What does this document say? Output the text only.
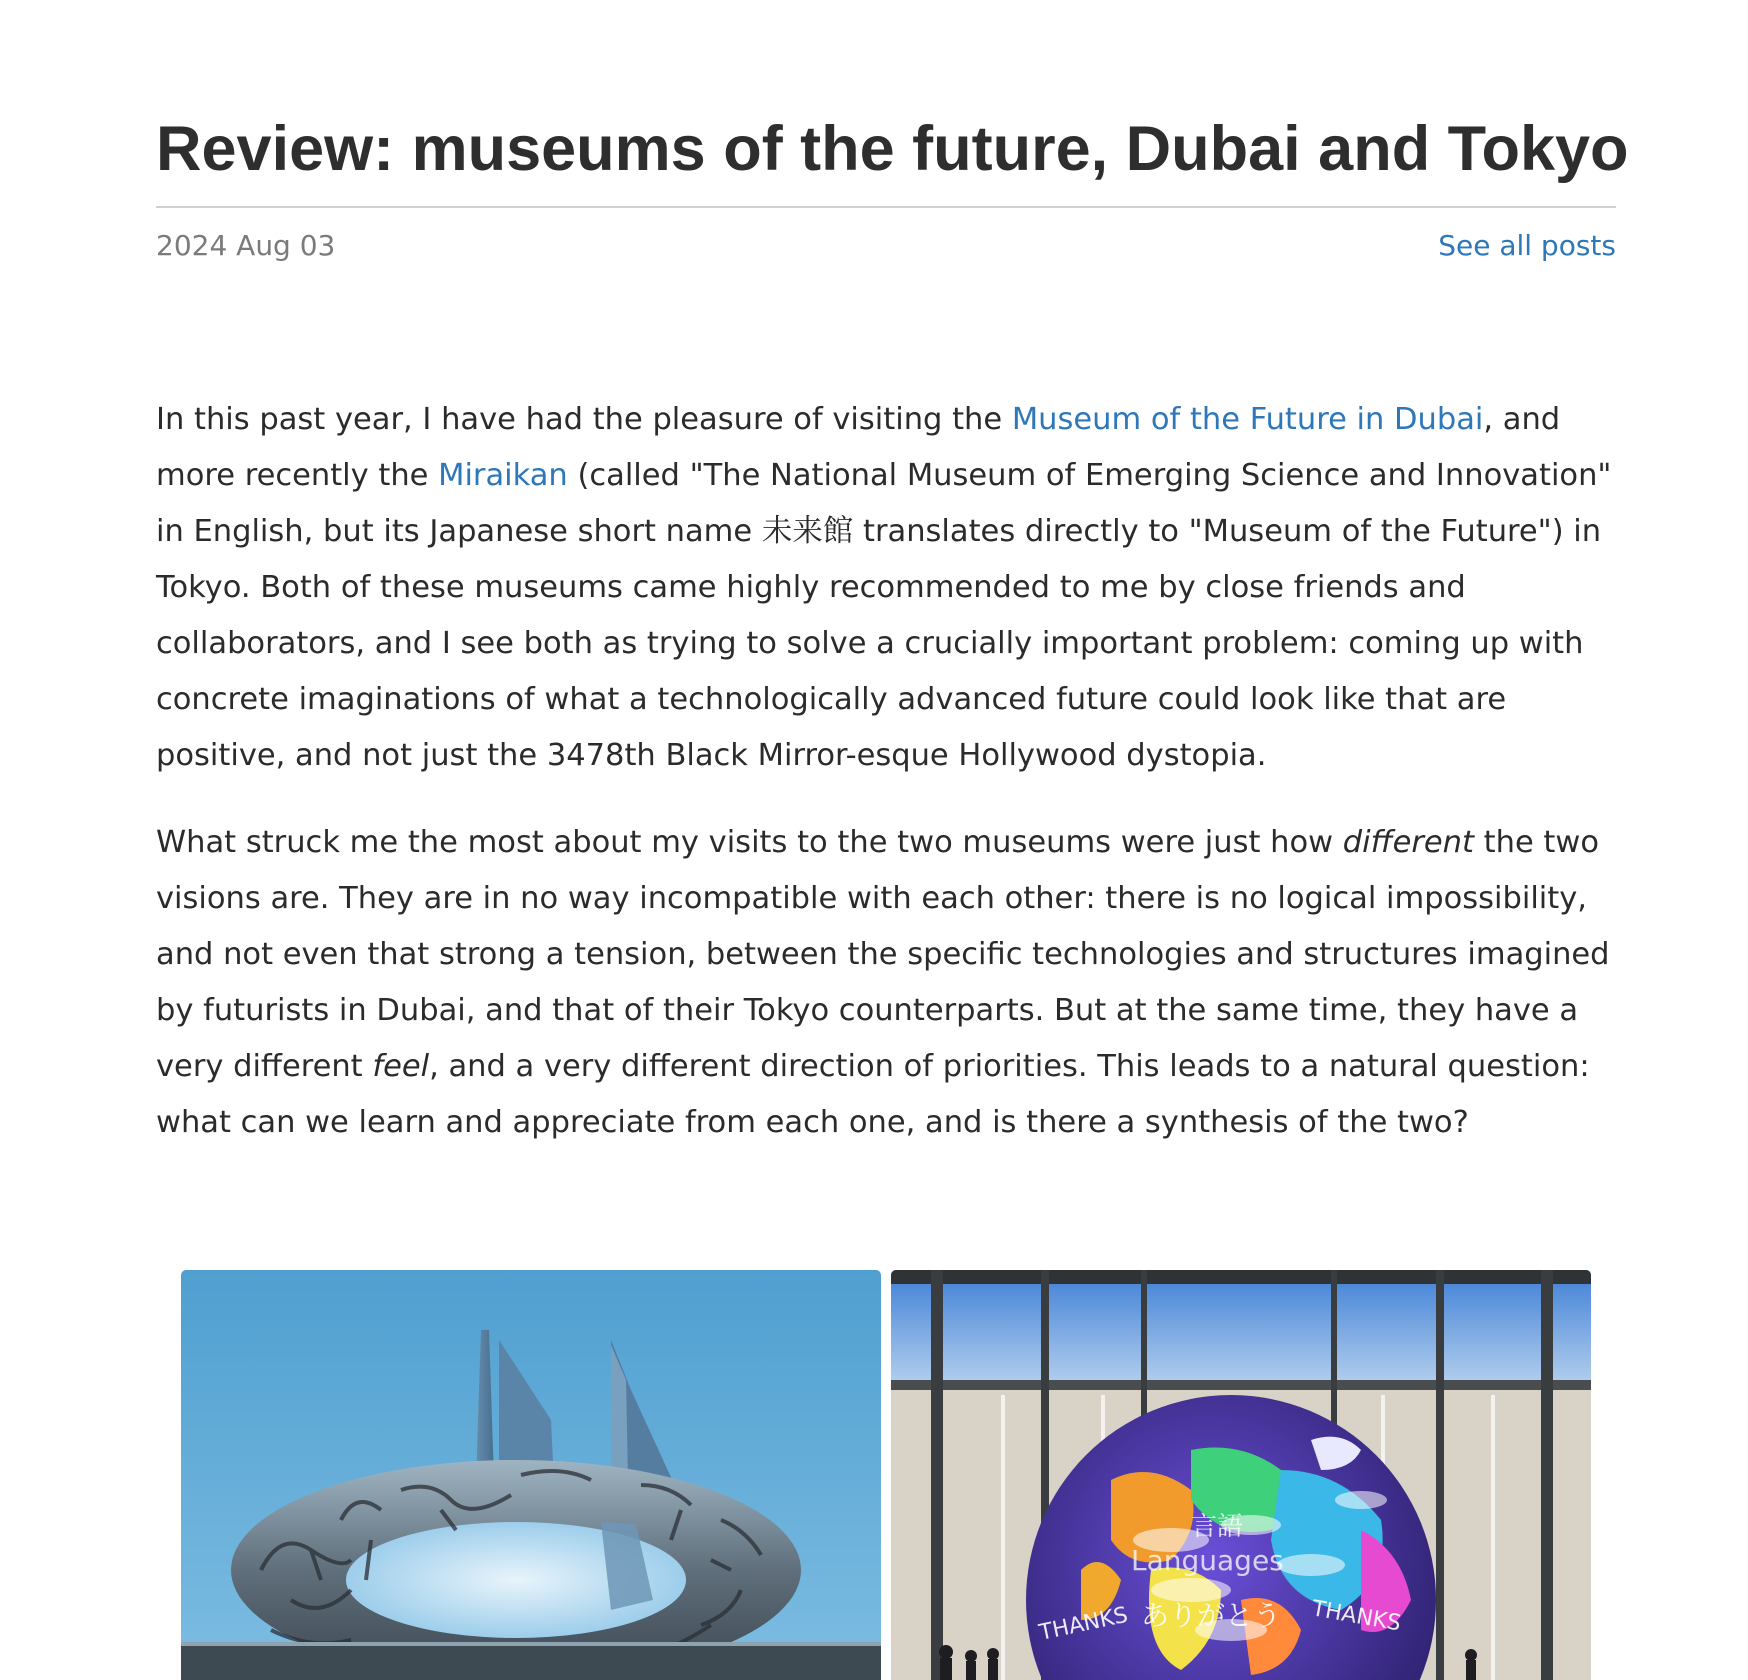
Review: museums of the future, Dubai and Tokyo
2024 Aug 03	See all posts

In this past year, I have had the pleasure of visiting the Museum of the Future in Dubai, and more recently the Miraikan (called "The National Museum of Emerging Science and Innovation" in English, but its Japanese short name 未来館 translates directly to "Museum of the Future") in Tokyo. Both of these museums came highly recommended to me by close friends and collaborators, and I see both as trying to solve a crucially important problem: coming up with concrete imaginations of what a technologically advanced future could look like that are positive, and not just the 3478th Black Mirror-esque Hollywood dystopia.

What struck me the most about my visits to the two museums were just how different the two visions are. They are in no way incompatible with each other: there is no logical impossibility, and not even that strong a tension, between the specific technologies and structures imagined by futurists in Dubai, and that of their Tokyo counterparts. But at the same time, they have a very different feel, and a very different direction of priorities. This leads to a natural question: what can we learn and appreciate from each one, and is there a synthesis of the two?

言語
Languages
THANKS ありがとう THANKS
